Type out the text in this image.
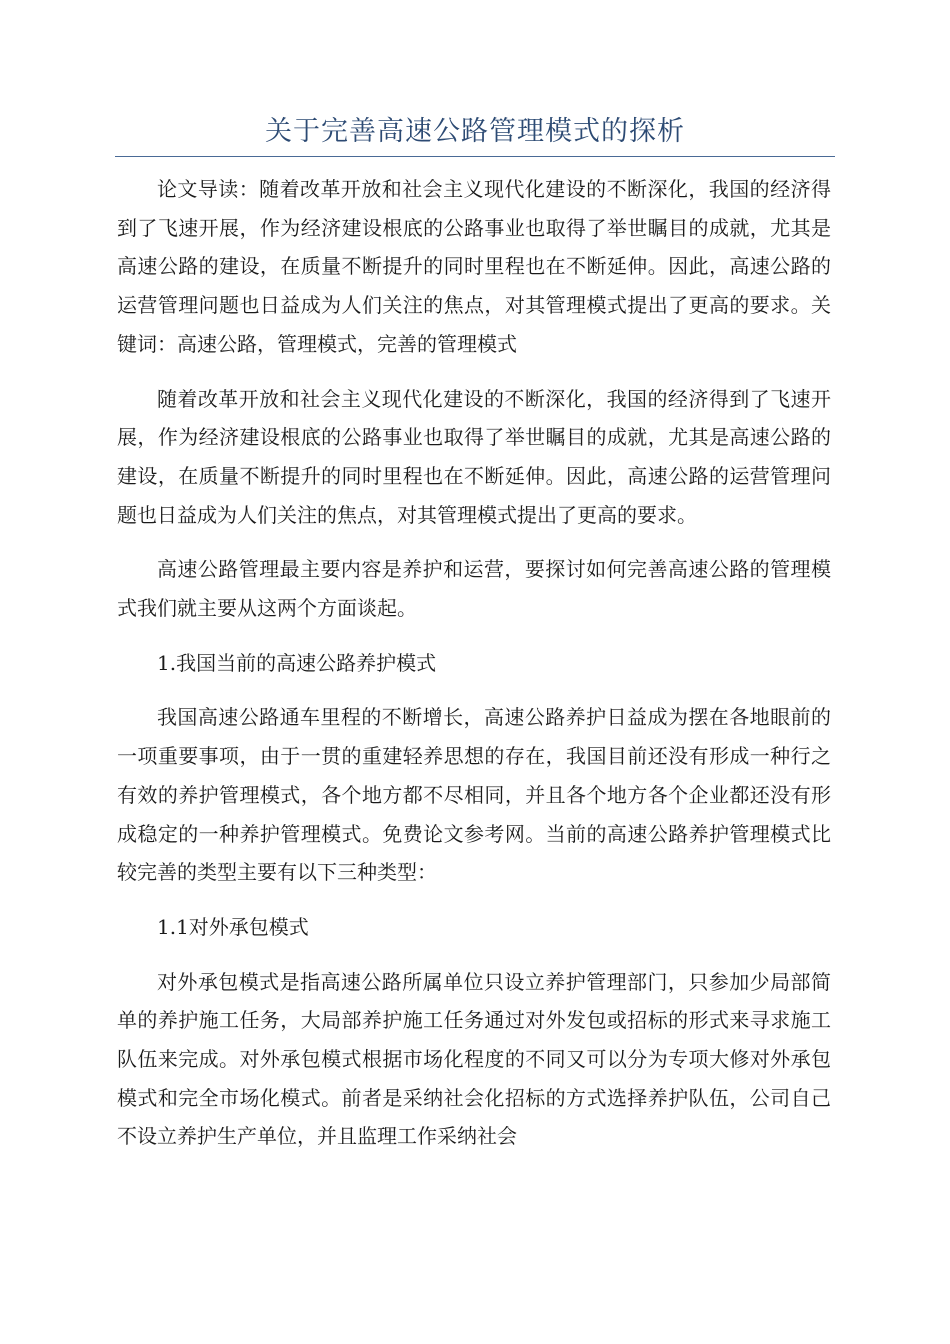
关于完善高速公路管理模式的探析

论文导读：随着改革开放和社会主义现代化建设的不断深化，我国的经济得到了飞速开展，作为经济建设根底的公路事业也取得了举世瞩目的成就，尤其是高速公路的建设，在质量不断提升的同时里程也在不断延伸。因此，高速公路的运营管理问题也日益成为人们关注的焦点，对其管理模式提出了更高的要求。关键词：高速公路，管理模式，完善的管理模式

随着改革开放和社会主义现代化建设的不断深化，我国的经济得到了飞速开展，作为经济建设根底的公路事业也取得了举世瞩目的成就，尤其是高速公路的建设，在质量不断提升的同时里程也在不断延伸。因此，高速公路的运营管理问题也日益成为人们关注的焦点，对其管理模式提出了更高的要求。

高速公路管理最主要内容是养护和运营，要探讨如何完善高速公路的管理模式我们就主要从这两个方面谈起。

1.我国当前的高速公路养护模式

我国高速公路通车里程的不断增长，高速公路养护日益成为摆在各地眼前的一项重要事项，由于一贯的重建轻养思想的存在，我国目前还没有形成一种行之有效的养护管理模式，各个地方都不尽相同，并且各个地方各个企业都还没有形成稳定的一种养护管理模式。免费论文参考网。当前的高速公路养护管理模式比较完善的类型主要有以下三种类型：

1.1对外承包模式

对外承包模式是指高速公路所属单位只设立养护管理部门，只参加少局部简单的养护施工任务，大局部养护施工任务通过对外发包或招标的形式来寻求施工队伍来完成。对外承包模式根据市场化程度的不同又可以分为专项大修对外承包模式和完全市场化模式。前者是采纳社会化招标的方式选择养护队伍，公司自己不设立养护生产单位，并且监理工作采纳社会
